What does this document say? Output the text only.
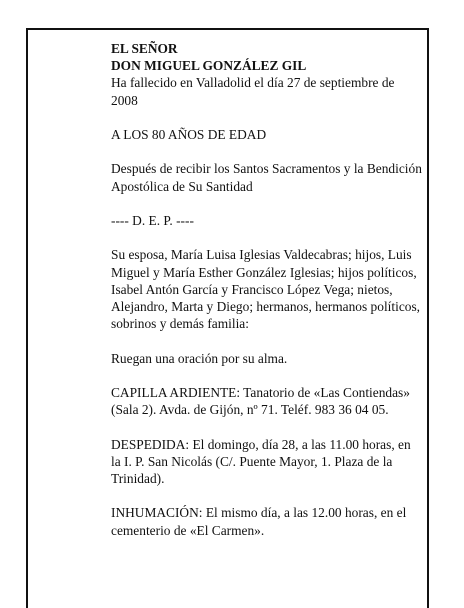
EL SEÑOR
DON MIGUEL GONZÁLEZ GIL
Ha fallecido en Valladolid el día 27 de septiembre de 2008

A LOS 80 AÑOS DE EDAD

Después de recibir los Santos Sacramentos y la Bendición Apostólica de Su Santidad

---- D. E. P. ----

Su esposa, María Luisa Iglesias Valdecabras; hijos, Luis Miguel y María Esther González Iglesias; hijos políticos, Isabel Antón García y Francisco López Vega; nietos, Alejandro, Marta y Diego; hermanos, hermanos políticos, sobrinos y demás familia:

Ruegan una oración por su alma.

CAPILLA ARDIENTE: Tanatorio de «Las Contiendas» (Sala 2). Avda. de Gijón, nº 71. Teléf. 983 36 04 05.

DESPEDIDA: El domingo, día 28, a las 11.00 horas, en la I. P. San Nicolás (C/. Puente Mayor, 1. Plaza de la Trinidad).

INHUMACIÓN: El mismo día, a las 12.00 horas, en el cementerio de «El Carmen».
